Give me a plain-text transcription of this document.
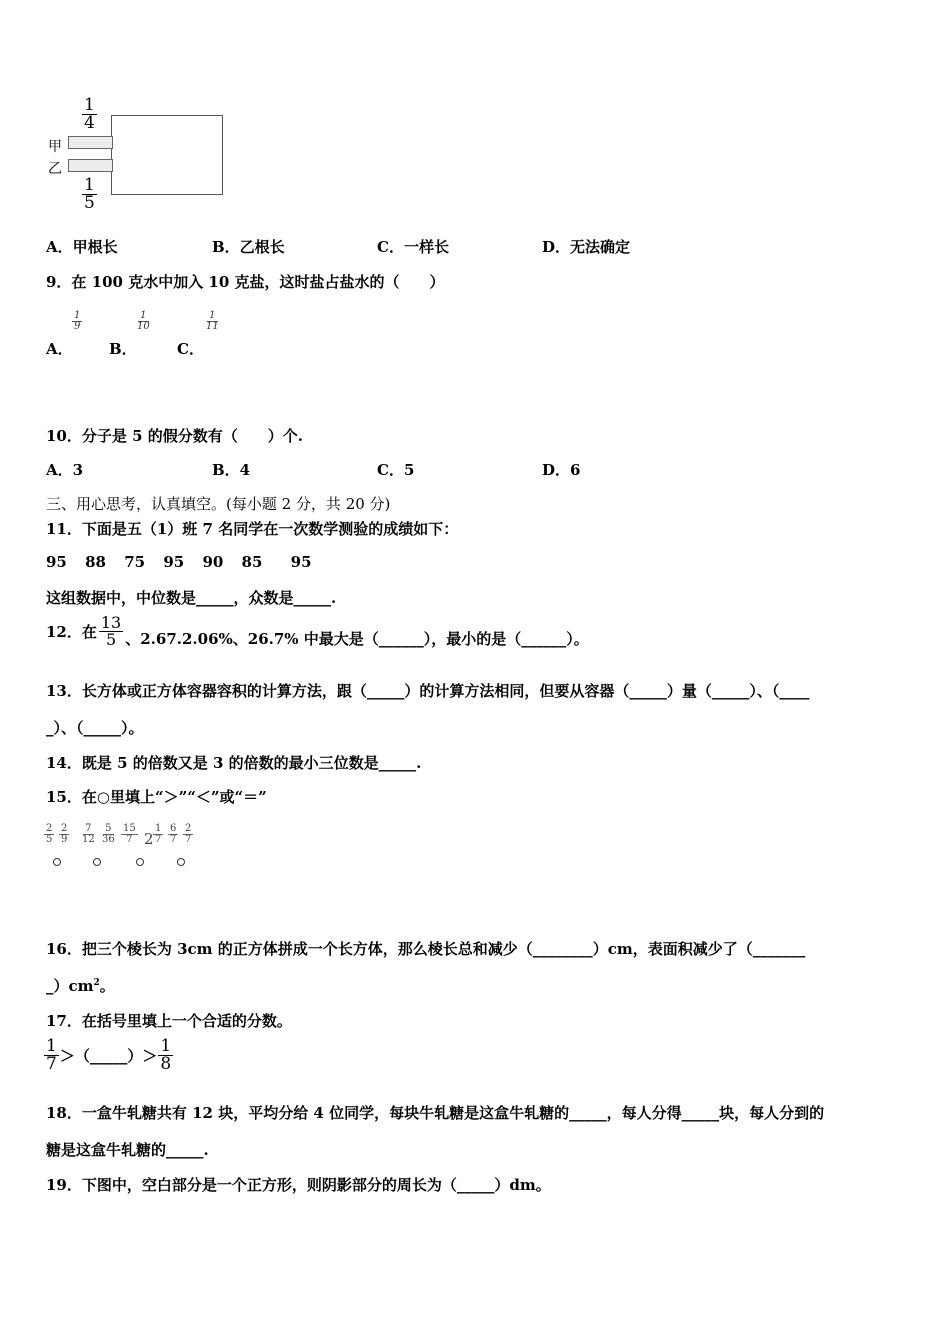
$\frac{1}{4}$
甲
乙
$\frac{1}{5}$
A．甲根长	B．乙根长	C．一样长	D．无法确定
9．在 100 克水中加入 10 克盐，这时盐占盐水的（　　）
A．
$\frac{1}{9}$
B．
$\frac{1}{10}$
C．
$\frac{1}{11}$
10．分子是 5 的假分数有（　　）个.
A．3	B．4	C．5	D．6
三、用心思考，认真填空。(每小题 2 分，共 20 分)
11．下面是五（1）班 7 名同学在一次数学测验的成绩如下：
95 88 75 95 90 85 95
这组数据中，中位数是_____，众数是_____.
12．在 $\frac{13}{5}$ 、2.67.2.06%、26.7% 中最大是（______），最小的是（______）。
13．长方体或正方体容器容积的计算方法，跟（_____）的计算方法相同，但要从容器（_____）量（_____）、（____
_）、（_____）。
14．既是 5 的倍数又是 3 的倍数的最小三位数是_____.
15．在○里填上“＞”“＜”或“＝”
$\frac{2}{5} \frac{2}{9} \frac{7}{12} \frac{5}{36} \frac{15}{7} 2 \frac{1}{7} \frac{6}{7} \frac{2}{7}$
16．把三个棱长为 3cm 的正方体拼成一个长方体，那么棱长总和减少（________）cm，表面积减少了（_______
$\_)cm^2$。
17．在括号里填上一个合适的分数。
$\frac{1}{7}$ ＞（_____）＞ $\frac{1}{8}$
18．一盒牛轧糖共有 12 块，平均分给 4 位同学，每块牛轧糖是这盒牛轧糖的_____，每人分得_____块，每人分到的
糖是这盒牛轧糖的_____.
19．下图中，空白部分是一个正方形，则阴影部分的周长为（_____）dm。
